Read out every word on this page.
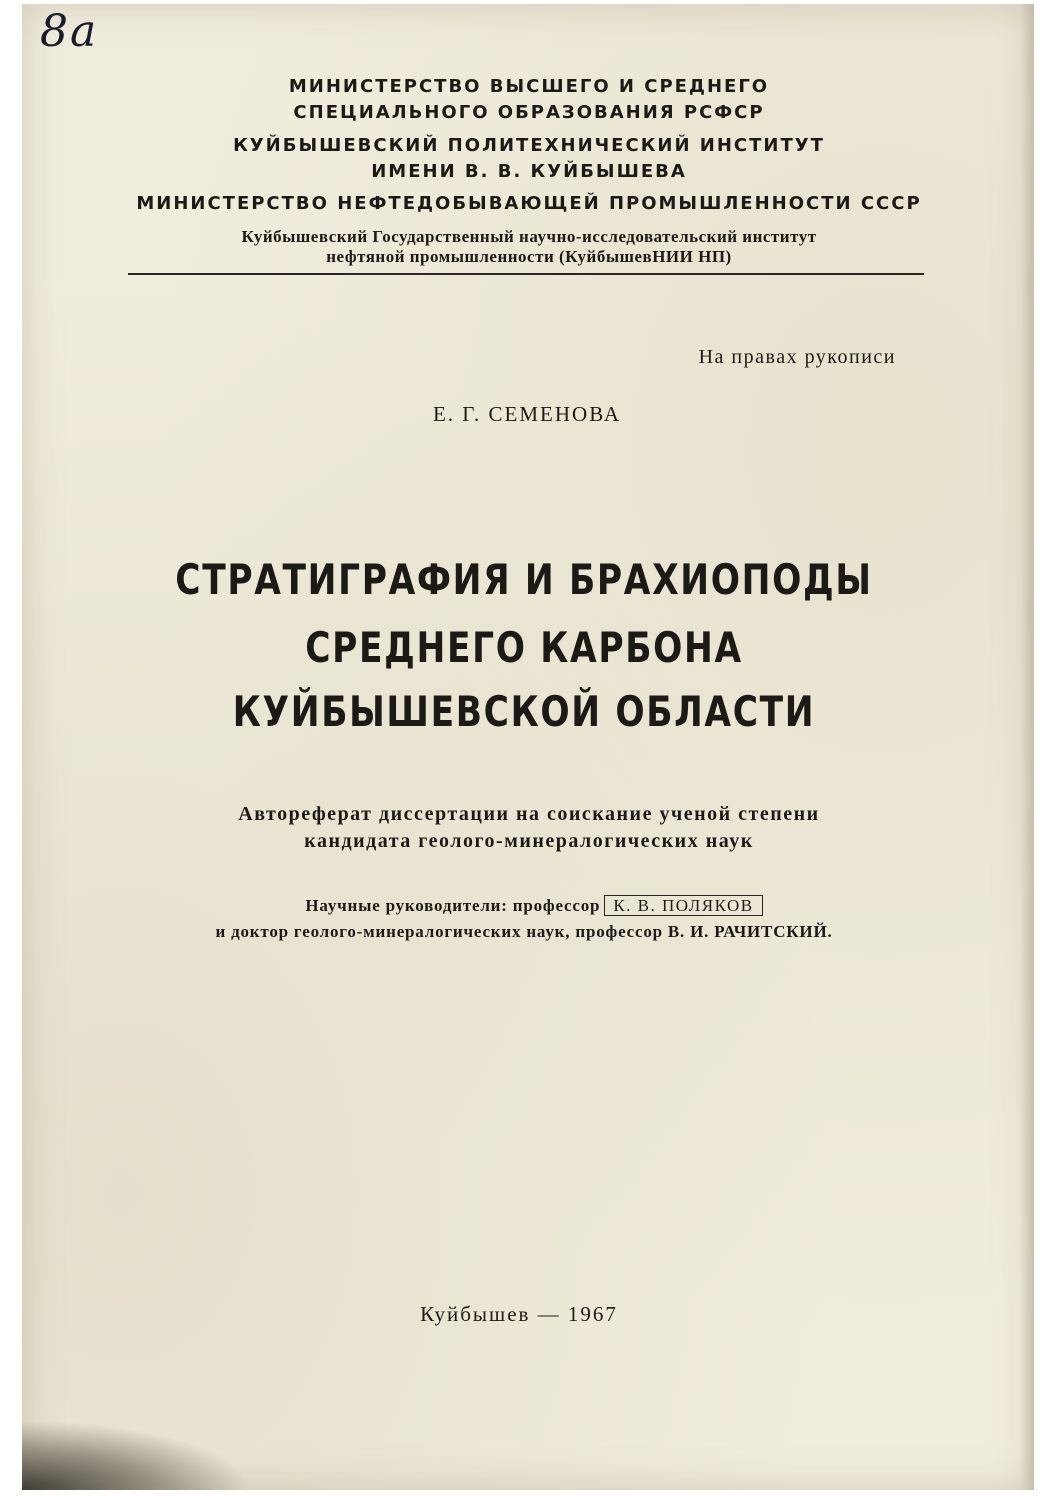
8а
МИНИСТЕРСТВО ВЫСШЕГО И СРЕДНЕГО
СПЕЦИАЛЬНОГО ОБРАЗОВАНИЯ РСФСР
КУЙБЫШЕВСКИЙ ПОЛИТЕХНИЧЕСКИЙ ИНСТИТУТ
ИМЕНИ В. В. КУЙБЫШЕВА
МИНИСТЕРСТВО НЕФТЕДОБЫВАЮЩЕЙ ПРОМЫШЛЕННОСТИ СССР
Куйбышевский Государственный научно-исследовательский институт
нефтяной промышленности (КуйбышевНИИ НП)
На правах рукописи
Е. Г. СЕМЕНОВА
СТРАТИГРАФИЯ И БРАХИОПОДЫ
СРЕДНЕГО КАРБОНА
КУЙБЫШЕВСКОЙ ОБЛАСТИ
Автореферат диссертации на соискание ученой степени
кандидата геолого-минералогических наук
Научные руководители: профессор К. В. ПОЛЯКОВ
и доктор геолого-минералогических наук, профессор В. И. РАЧИТСКИЙ.
Куйбышев — 1967
